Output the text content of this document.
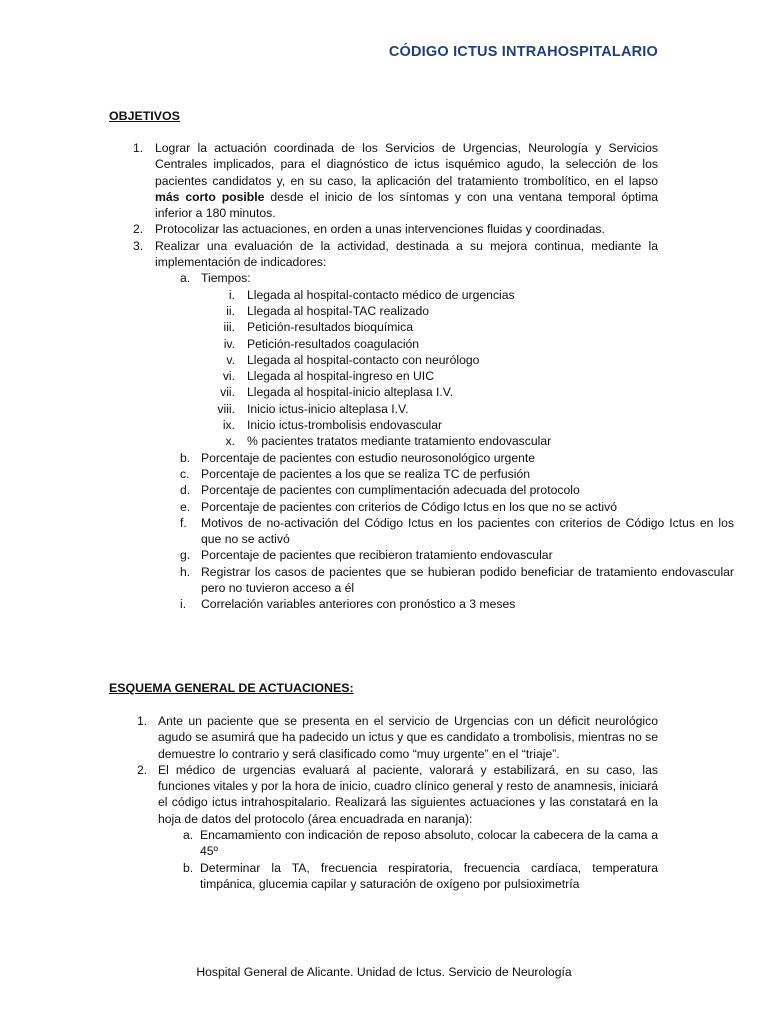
CÓDIGO ICTUS INTRAHOSPITALARIO
OBJETIVOS
1. Lograr la actuación coordinada de los Servicios de Urgencias, Neurología y Servicios Centrales implicados, para el diagnóstico de ictus isquémico agudo, la selección de los pacientes candidatos y, en su caso, la aplicación del tratamiento trombolítico, en el lapso más corto posible desde el inicio de los síntomas y con una ventana temporal óptima inferior a 180 minutos.
2. Protocolizar las actuaciones, en orden a unas intervenciones fluidas y coordinadas.
3. Realizar una evaluación de la actividad, destinada a su mejora continua, mediante la implementación de indicadores:
a. Tiempos:
i. Llegada al hospital-contacto médico de urgencias
ii. Llegada al hospital-TAC realizado
iii. Petición-resultados bioquímica
iv. Petición-resultados coagulación
v. Llegada al hospital-contacto con neurólogo
vi. Llegada al hospital-ingreso en UIC
vii. Llegada al hospital-inicio alteplasa I.V.
viii. Inicio ictus-inicio alteplasa I.V.
ix. Inicio ictus-trombolisis endovascular
x. % pacientes tratatos mediante tratamiento endovascular
b. Porcentaje de pacientes con estudio neurosonológico urgente
c. Porcentaje de pacientes a los que se realiza TC de perfusión
d. Porcentaje de pacientes con cumplimentación adecuada del protocolo
e. Porcentaje de pacientes con criterios de Código Ictus en los que no se activó
f. Motivos de no-activación del Código Ictus en los pacientes con criterios de Código Ictus en los que no se activó
g. Porcentaje de pacientes que recibieron tratamiento endovascular
h. Registrar los casos de pacientes que se hubieran podido beneficiar de tratamiento endovascular pero no tuvieron acceso a él
i. Correlación variables anteriores con pronóstico a 3 meses
ESQUEMA GENERAL DE ACTUACIONES:
1. Ante un paciente que se presenta en el servicio de Urgencias con un déficit neurológico agudo se asumirá que ha padecido un ictus y que es candidato a trombolisis, mientras no se demuestre lo contrario y será clasificado como “muy urgente” en el “triaje”.
2. El médico de urgencias evaluará al paciente, valorará y estabilizará, en su caso, las funciones vitales y por la hora de inicio, cuadro clínico general y resto de anamnesis, iniciará el código ictus intrahospitalario. Realizará las siguientes actuaciones y las constatará en la hoja de datos del protocolo (área encuadrada en naranja):
a. Encamamiento con indicación de reposo absoluto, colocar la cabecera de la cama a 45º
b. Determinar la TA, frecuencia respiratoria, frecuencia cardíaca, temperatura timpánica, glucemia capilar y saturación de oxígeno por pulsioximetría
Hospital General de Alicante. Unidad de Ictus. Servicio de Neurología
